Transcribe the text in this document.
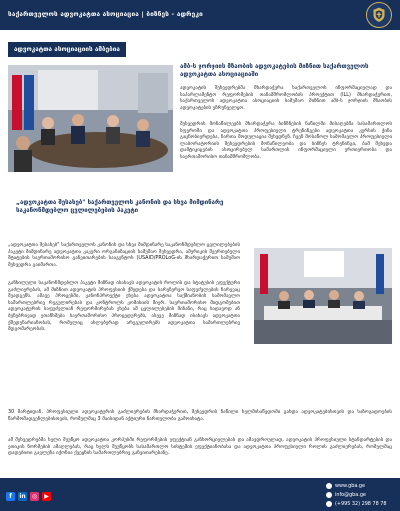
საქართველოს ადვოკატთა ასოციაცია | ბიზნეს - ადრეკი
ადვოკატთა ასოციაციის ამბებია
ამბ-ს ჯორჯიის მზაობის ადვოკატების მიზნით საქართველოს ადვოკატთა ასოციაციაში
ადვოკატის შეხვედრებმა მხარდაჭერა საქართველოს ინფორმაციულად და საპარლამენტო რეფორმების თანამშრომლობის პროექტით (ILL) მხარდაჭერით, საქართველოს ადვოკატთა ასოციაციის სამუშაო მიზნით ამბ-ს ჯორჯიის მზაობის ადვოკატების უზრუნველყო.
შეხვედრის მონაწილეებს მხარდაჭერა ბინზნესის ნაწილში მისაღებმა სასამართლოს სფეროში და ადვოკატთა პროფესიული ტრენინგები ადვოკატთა კურსის ჭინა გაცნობიერდება, ჩართა მოდულაცია შეხვდნენ. ჩვენ მოსაწოლ სამომავლო პროფესიული ლაბორატორიის შეხვედრების მონაწილეობა და ბიზნეს ტრენინგი, ბამ შეხვდა დამტიკიცების ასოცირებულ სამართლის ინფორმაციული ურთიერთობა და საერთაშორისო თანამშრომლობა.
„ადვოკატთა შესახებ" საქართველოს კანონის და სხვა მიმდინარე საკანონმდებლო ცვლილებების პაკეტი
„ადვოკატთა შესახებ" საქართველოს კანონის და სხვა მიმდინარე საკანონმდებლო ცვლილებების პაკეტი მიმდინარე ადვოკატთა კაკური ორგანიზაციის სამუშაო შეხვედრა, ამერიკის შეერთებული შტატების საერთაშორისო განვითარების სააგენტოს (USAID/PROLoG-ის მხარდაჭერით სამუშაო შეხვედრა გაიმართა.
განხილული საკანონმდებლო პაკეტი მიზნად ისახავს ადვოკატის როლის და სტატუსის ეფექტური გაძლიერებას, ამ მიზნით ადვოკატის პროფესიის ქმედება და სარეზერვო საფუძვლების ჩარევაც შეადგენს. ამავე პროცესში, კანონპროექტი ეხება ადვოკატთა საქმიანობის სამომავლო სამართლებრივ რეგულირებას და კონტროლს კომისიის მიერ. საერთაშორისო მიდგომებით ადვოკატურის საფუძვლიან რეფორმირებას ეხება ამ ცვლილებების მიზანი, რაც სადავოდ ან ბუნებრივად ეთანხმება საერთაშორისო პროცედურებს, ასევე მიზნად ისახავს ადვოკატთა ქმედუნარიანობას, რომელიც ახლებურად არეგულირებს ადვოკატთა სამართლებრივ მდგომარეობას.
30 მარტიდან, პროფესიული ადვოკატურის გაძლიერების მხარდაჭერით, შეხვედრის ნაწილი ხელმისაწვდომი გახდა ადვოკატებისთვის და საზოგადოების წარმომადგენლებისთვის, რომელმაც 3 მაისიდან აქტიური ჩართულობა გამოიხატა.
ამ შეხვედრებმა ხელი შეუწყო ადვოკატთა კორპუსში რეფორმების ეფექტიან განხორციელებას და ამავდროულად, ადვოკატის პროფესიული სტანდარტების და ეთიკის ნორმების ამაღლებას, რაც ხელს შეუწყობს სასამართლო სისტემის ეფექტიანობასა და ადვოკატთა პროფესიული როლის გაძლიერებას, რომელმაც დადებითი გავლენა იქონია ქვეყნის სამართლებრივ განვითარებაზე.
f	in	◎	▶
www.gba.ge
info@gba.ge
(+995 32) 298 78 78
